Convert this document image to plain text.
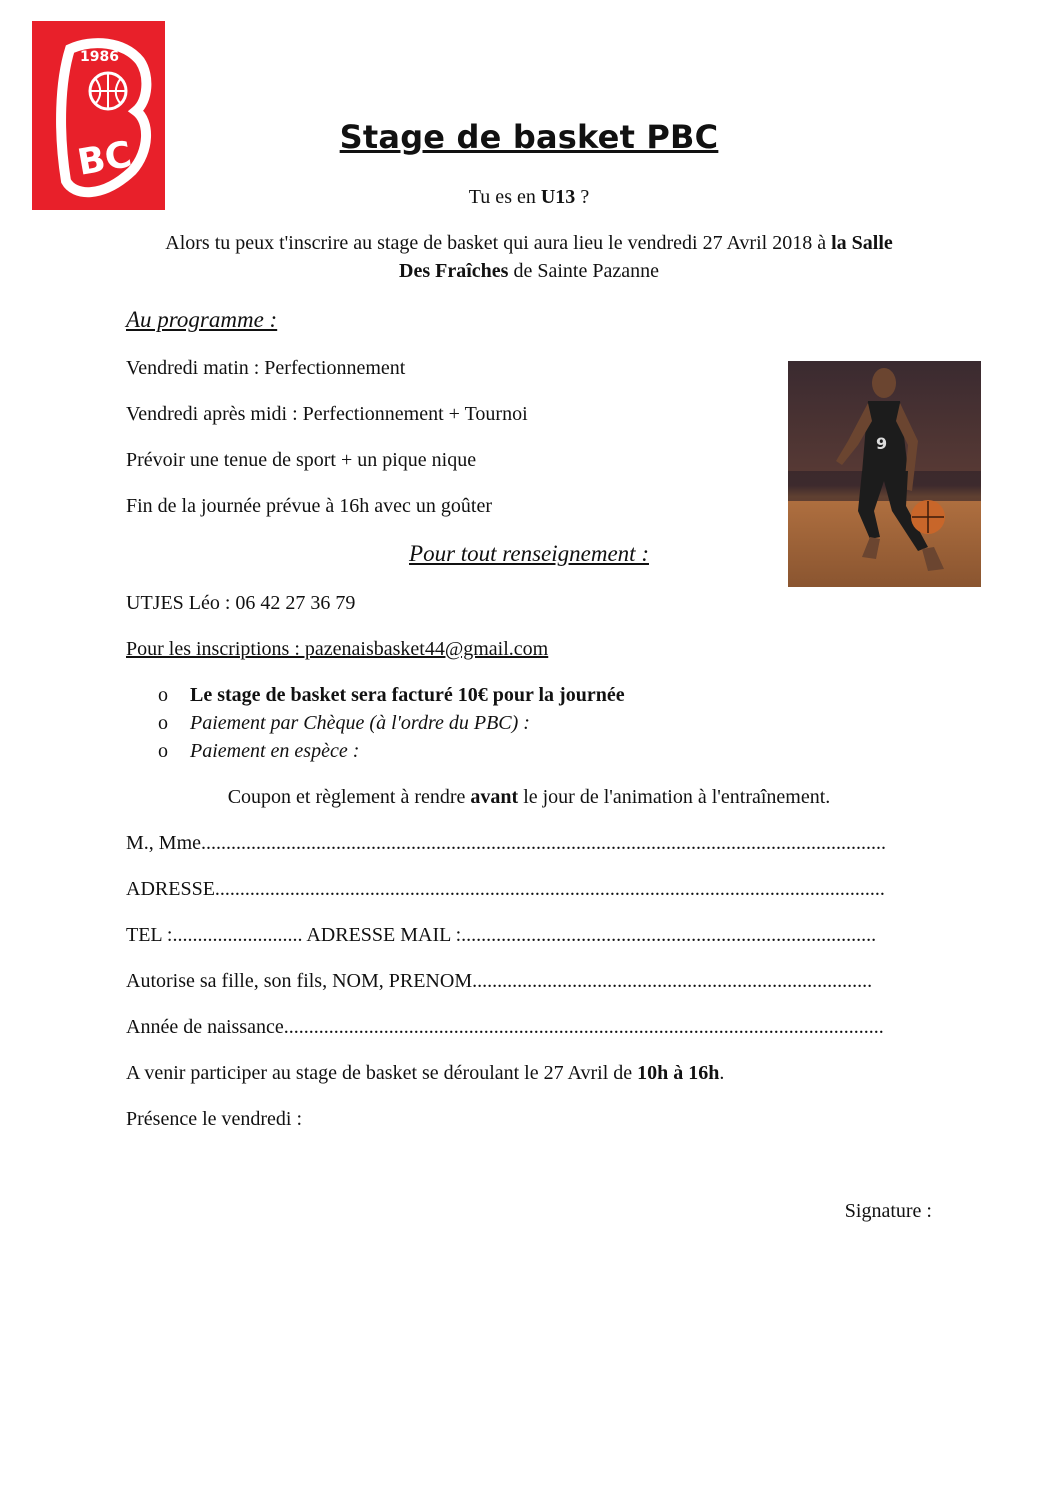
1986
BC	Stage de basket PBC
Tu es en U13 ?
Alors tu peux t'inscrire au stage de basket qui aura lieu le vendredi 27 Avril 2018 à la Salle
Des Fraîches de Sainte Pazanne
Au programme :
Vendredi matin : Perfectionnement
Vendredi après midi : Perfectionnement + Tournoi
Prévoir une tenue de sport + un pique nique
Fin de la journée prévue à 16h avec un goûter
9
Pour tout renseignement :
UTJES Léo : 06 42 27 36 79
Pour les inscriptions : pazenaisbasket44@gmail.com
o Le stage de basket sera facturé 10€ pour la journée
o Paiement par Chèque (à l'ordre du PBC) :
o Paiement en espèce :
Coupon et règlement à rendre avant le jour de l'animation à l'entraînement.
M., Mme.........................................................................................................................................
ADRESSE......................................................................................................................................
TEL :.......................... ADRESSE MAIL :...................................................................................
Autorise sa fille, son fils, NOM, PRENOM................................................................................
Année de naissance........................................................................................................................
A venir participer au stage de basket se déroulant le 27 Avril de 10h à 16h.
Présence le vendredi :
Signature :
